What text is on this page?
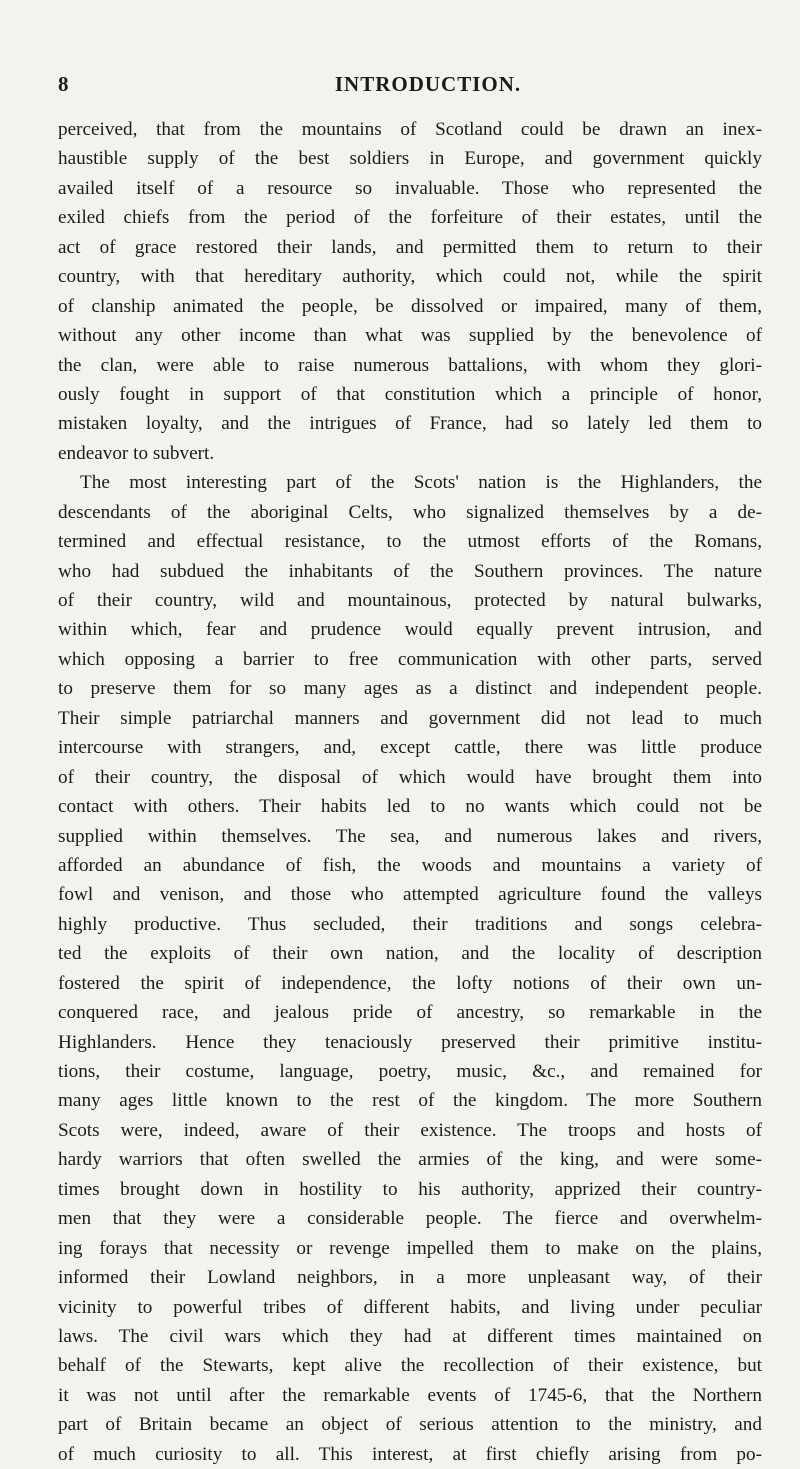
8	INTRODUCTION.
perceived, that from the mountains of Scotland could be drawn an inex-
haustible supply of the best soldiers in Europe, and government quickly
availed itself of a resource so invaluable. Those who represented the
exiled chiefs from the period of the forfeiture of their estates, until the
act of grace restored their lands, and permitted them to return to their
country, with that hereditary authority, which could not, while the spirit
of clanship animated the people, be dissolved or impaired, many of them,
without any other income than what was supplied by the benevolence of
the clan, were able to raise numerous battalions, with whom they glori-
ously fought in support of that constitution which a principle of honor,
mistaken loyalty, and the intrigues of France, had so lately led them to
endeavor to subvert.
The most interesting part of the Scots' nation is the Highlanders, the
descendants of the aboriginal Celts, who signalized themselves by a de-
termined and effectual resistance, to the utmost efforts of the Romans,
who had subdued the inhabitants of the Southern provinces. The nature
of their country, wild and mountainous, protected by natural bulwarks,
within which, fear and prudence would equally prevent intrusion, and
which opposing a barrier to free communication with other parts, served
to preserve them for so many ages as a distinct and independent people.
Their simple patriarchal manners and government did not lead to much
intercourse with strangers, and, except cattle, there was little produce
of their country, the disposal of which would have brought them into
contact with others. Their habits led to no wants which could not be
supplied within themselves. The sea, and numerous lakes and rivers,
afforded an abundance of fish, the woods and mountains a variety of
fowl and venison, and those who attempted agriculture found the valleys
highly productive. Thus secluded, their traditions and songs celebra-
ted the exploits of their own nation, and the locality of description
fostered the spirit of independence, the lofty notions of their own un-
conquered race, and jealous pride of ancestry, so remarkable in the
Highlanders. Hence they tenaciously preserved their primitive institu-
tions, their costume, language, poetry, music, &c., and remained for
many ages little known to the rest of the kingdom. The more Southern
Scots were, indeed, aware of their existence. The troops and hosts of
hardy warriors that often swelled the armies of the king, and were some-
times brought down in hostility to his authority, apprized their country-
men that they were a considerable people. The fierce and overwhelm-
ing forays that necessity or revenge impelled them to make on the plains,
informed their Lowland neighbors, in a more unpleasant way, of their
vicinity to powerful tribes of different habits, and living under peculiar
laws. The civil wars which they had at different times maintained on
behalf of the Stewarts, kept alive the recollection of their existence, but
it was not until after the remarkable events of 1745-6, that the Northern
part of Britain became an object of serious attention to the ministry, and
of much curiosity to all. This interest, at first chiefly arising from po-
